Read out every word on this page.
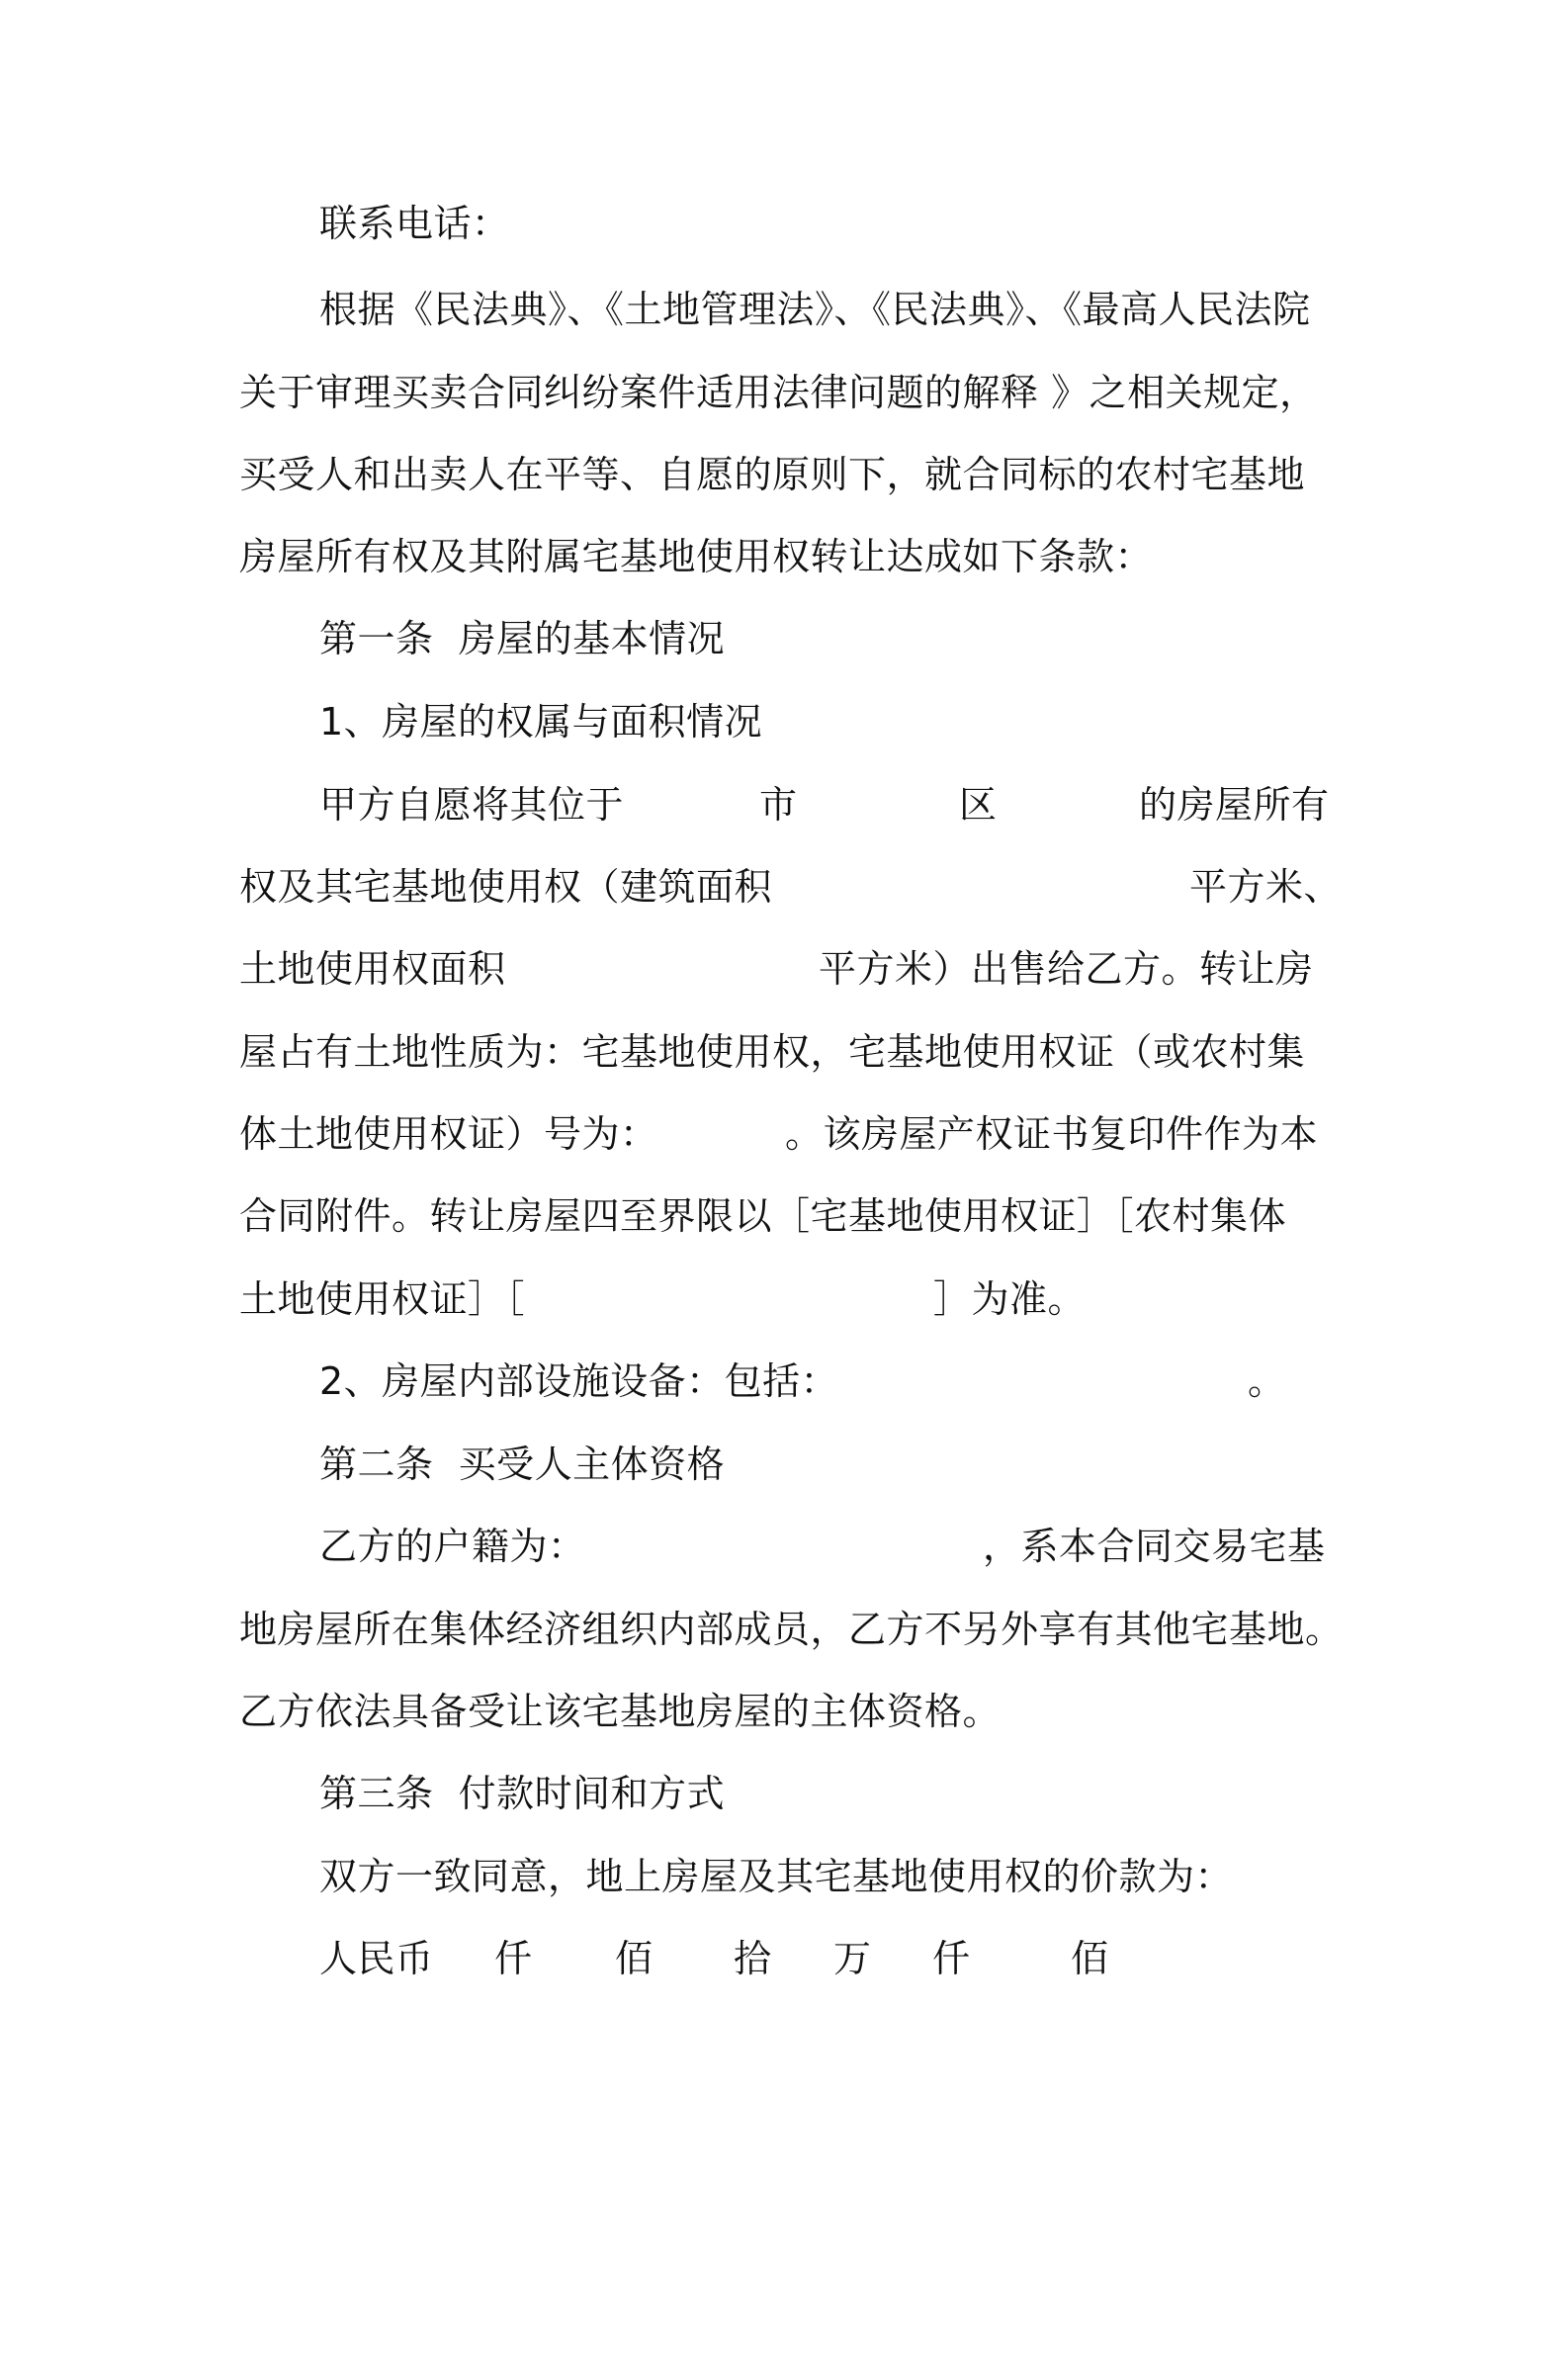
联系电话：
根据《民法典》、《土地管理法》、《民法典》、《最高人民法院
关于审理买卖合同纠纷案件适用法律问题的解释 》之相关规定，
买受人和出卖人在平等、自愿的原则下，就合同标的农村宅基地
房屋所有权及其附属宅基地使用权转让达成如下条款：
第一条  房屋的基本情况
1、房屋的权属与面积情况

甲方自愿将其位于

	市

	区

	的房屋所有

权及其宅基地使用权（建筑面积

	平方米、

土地使用权面积

	平方米）出售给乙方。转让房

屋占有土地性质为：宅基地使用权，宅基地使用权证（或农村集

体土地使用权证）号为：

	。该房屋产权证书复印件作为本

合同附件。转让房屋四至界限以［宅基地使用权证］［农村集体

土地使用权证］［

	］为准。

2、房屋内部设施设备：包括：

	。

第二条  买受人主体资格

乙方的户籍为：

	，系本合同交易宅基

地房屋所在集体经济组织内部成员，乙方不另外享有其他宅基地。
乙方依法具备受让该宅基地房屋的主体资格。
第三条  付款时间和方式
双方一致同意，地上房屋及其宅基地使用权的价款为：

人民币

仟

佰

拾

万

仟

	佰
